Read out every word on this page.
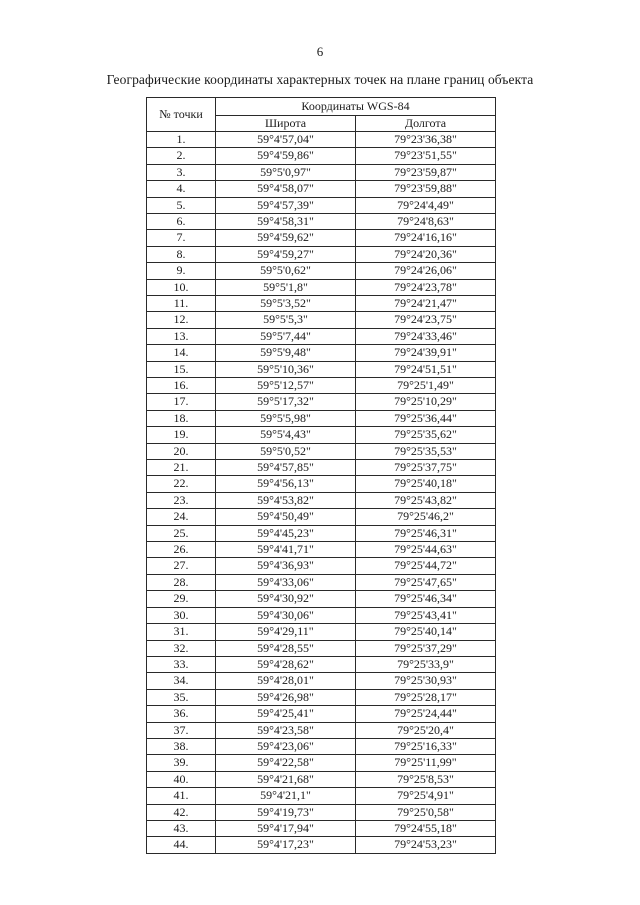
6
Географические координаты характерных точек на плане границ объекта
№ точки	Координаты WGS-84	
	Широта	Долгота
1.	59°4'57,04"	79°23'36,38"
2.	59°4'59,86"	79°23'51,55"
3.	59°5'0,97"	79°23'59,87"
4.	59°4'58,07"	79°23'59,88"
5.	59°4'57,39"	79°24'4,49"
6.	59°4'58,31"	79°24'8,63"
7.	59°4'59,62"	79°24'16,16"
8.	59°4'59,27"	79°24'20,36"
9.	59°5'0,62"	79°24'26,06"
10.	59°5'1,8"	79°24'23,78"
11.	59°5'3,52"	79°24'21,47"
12.	59°5'5,3"	79°24'23,75"
13.	59°5'7,44"	79°24'33,46"
14.	59°5'9,48"	79°24'39,91"
15.	59°5'10,36"	79°24'51,51"
16.	59°5'12,57"	79°25'1,49"
17.	59°5'17,32"	79°25'10,29"
18.	59°5'5,98"	79°25'36,44"
19.	59°5'4,43"	79°25'35,62"
20.	59°5'0,52"	79°25'35,53"
21.	59°4'57,85"	79°25'37,75"
22.	59°4'56,13"	79°25'40,18"
23.	59°4'53,82"	79°25'43,82"
24.	59°4'50,49"	79°25'46,2"
25.	59°4'45,23"	79°25'46,31"
26.	59°4'41,71"	79°25'44,63"
27.	59°4'36,93"	79°25'44,72"
28.	59°4'33,06"	79°25'47,65"
29.	59°4'30,92"	79°25'46,34"
30.	59°4'30,06"	79°25'43,41"
31.	59°4'29,11"	79°25'40,14"
32.	59°4'28,55"	79°25'37,29"
33.	59°4'28,62"	79°25'33,9"
34.	59°4'28,01"	79°25'30,93"
35.	59°4'26,98"	79°25'28,17"
36.	59°4'25,41"	79°25'24,44"
37.	59°4'23,58"	79°25'20,4"
38.	59°4'23,06"	79°25'16,33"
39.	59°4'22,58"	79°25'11,99"
40.	59°4'21,68"	79°25'8,53"
41.	59°4'21,1"	79°25'4,91"
42.	59°4'19,73"	79°25'0,58"
43.	59°4'17,94"	79°24'55,18"
44.	59°4'17,23"	79°24'53,23"
